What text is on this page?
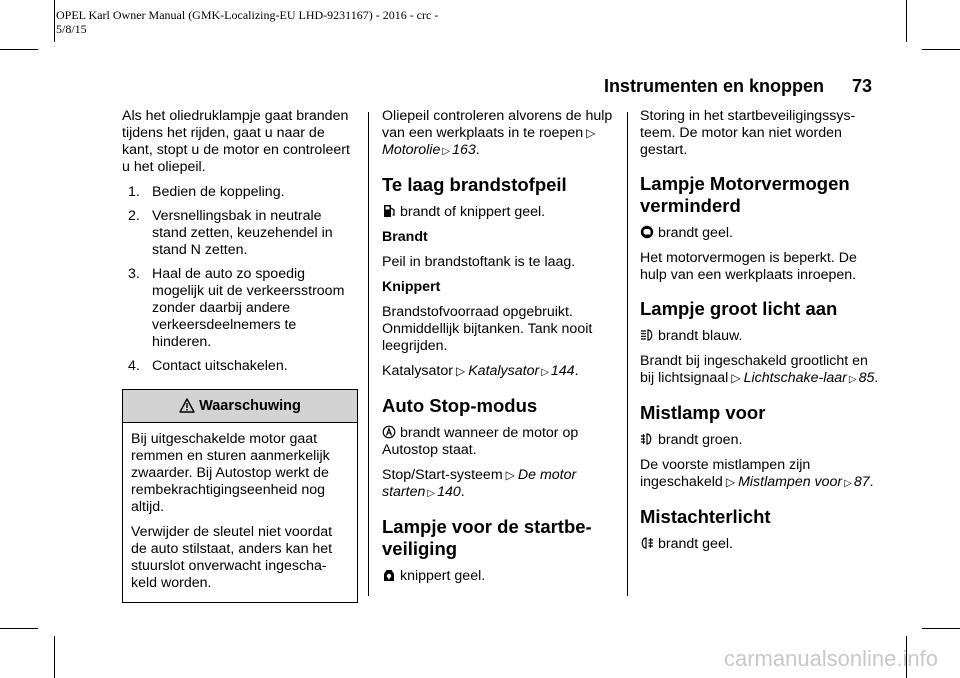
OPEL Karl Owner Manual (GMK-Localizing-EU LHD-9231167) - 2016 - crc -
5/8/15
Instrumenten en knoppen 73

Als het oliedruklampje gaat branden tijdens het rijden, gaat u naar de kant, stopt u de motor en controleert u het oliepeil.

1. Bedien de koppeling.
2. Versnellingsbak in neutrale stand zetten, keuzehendel in stand N zetten.
3. Haal de auto zo spoedig mogelijk uit de verkeersstroom zonder daarbij andere verkeersdeelnemers te hinderen.
4. Contact uitschakelen.
Waarschuwing

Bij uitgeschakelde motor gaat remmen en sturen aanmerkelijk zwaarder. Bij Autostop werkt de rembekrachtigingseenheid nog altijd.

Verwijder de sleutel niet voordat de auto stilstaat, anders kan het stuurslot onverwacht ingescha-keld worden.

Oliepeil controleren alvorens de hulp van een werkplaats in te roepen ▷Motorolie ▷ 163.

Te laag brandstofpeil

brandt of knippert geel.

Brandt

Peil in brandstoftank is te laag.

Knippert

Brandstofvoorraad opgebruikt. Onmiddellijk bijtanken. Tank nooit leegrijden.

Katalysator ▷ Katalysator ▷ 144.

Auto Stop-modus

brandt wanneer de motor op Autostop staat.

Stop/Start-systeem ▷ De motor starten ▷ 140.

Lampje voor de startbe-veiliging

knippert geel.

Storing in het startbeveiligingssys-teem. De motor kan niet worden gestart.

Lampje Motorvermogen verminderd

brandt geel.

Het motorvermogen is beperkt. De hulp van een werkplaats inroepen.

Lampje groot licht aan

brandt blauw.

Brandt bij ingeschakeld grootlicht en bij lichtsignaal ▷ Lichtschake-laar ▷ 85.

Mistlamp voor

brandt groen.

De voorste mistlampen zijn ingeschakeld ▷ Mistlampen voor ▷ 87.

Mistachterlicht

brandt geel.

carmanualsonline.info
